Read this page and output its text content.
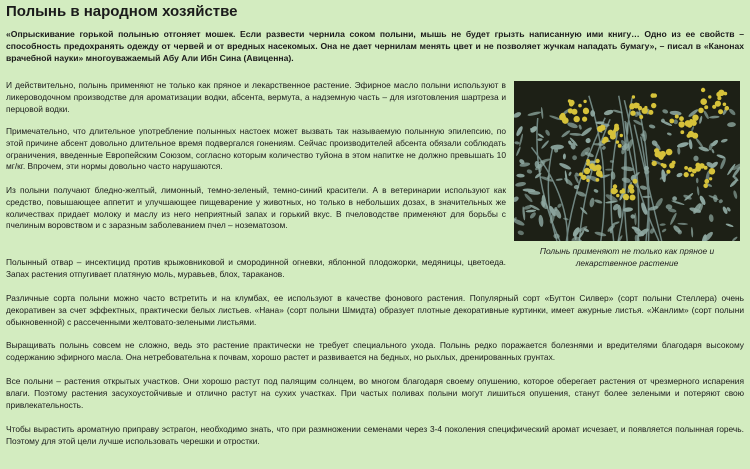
Полынь в народном хозяйстве

«Опрыскивание горькой полынью отгоняет мошек. Если развести чернила соком полыни, мышь не будет грызть написанную ими книгу… Одно из ее свойств – способность предохранять одежду от червей и от вредных насекомых. Она не дает чернилам менять цвет и не позволяет жучкам нападать бумагу», – писал в «Канонах врачебной науки» многоуважаемый Абу Али Ибн Сина (Авиценна).

И действительно, полынь применяют не только как пряное и лекарственное растение. Эфирное масло полыни используют в ликероводочном производстве для ароматизации водки, абсента, вермута, а надземную часть – для изготовления шартреза и перцовой водки.

Примечательно, что длительное употребление полынных настоек может вызвать так называемую полынную эпилепсию, по этой причине абсент довольно длительное время подвергался гонениям. Сейчас производителей абсента обязали соблюдать ограничения, введенные Европейским Союзом, согласно которым количество туйона в этом напитке не должно превышать 10 мг/кг. Впрочем, эти нормы довольно часто нарушаются.

Из полыни получают бледно-желтый, лимонный, темно-зеленый, темно-синий красители. А в ветеринарии используют как средство, повышающее аппетит и улучшающее пищеварение у животных, но только в небольших дозах, в значительных же количествах придает молоку и маслу из него неприятный запах и горький вкус. В пчеловодстве применяют для борьбы с пчелиным воровством и с заразным заболеванием пчел – нозематозом.

Полынный отвар – инсектицид против крыжовниковой и смородинной огневки, яблонной плодожорки, медяницы, цветоеда. Запах растения отпугивает платяную моль, муравьев, блох, тараканов.

Различные сорта полыни можно часто встретить и на клумбах, ее используют в качестве фонового растения. Популярный сорт «Бугтон Силвер» (сорт полыни Стеллера) очень декоративен за счет эффектных, практически белых листьев. «Нана» (сорт полыни Шмидта) образует плотные декоративные куртинки, имеет ажурные листья. «Жанлим» (сорт полыни обыкновенной) с рассеченными желтовато-зелеными листьями.

Выращивать полынь совсем не сложно, ведь это растение практически не требует специального ухода. Полынь редко поражается болезнями и вредителями благодаря высокому содержанию эфирного масла. Она нетребовательна к почвам, хорошо растет и развивается на бедных, но рыхлых, дренированных грунтах.

Все полыни – растения открытых участков. Они хорошо растут под палящим солнцем, во многом благодаря своему опушению, которое оберегает растения от чрезмерного испарения влаги. Поэтому растения засухоустойчивые и отлично растут на сухих участках. При частых поливах полыни могут лишиться опушения, станут более зелеными и потеряют свою привлекательность.

Чтобы вырастить ароматную приправу эстрагон, необходимо знать, что при размножении семенами через 3-4 поколения специфический аромат исчезает, и появляется полынная горечь. Поэтому для этой цели лучше использовать черешки и отростки.

Полынь применяют не только как пряное и лекарственное растение
